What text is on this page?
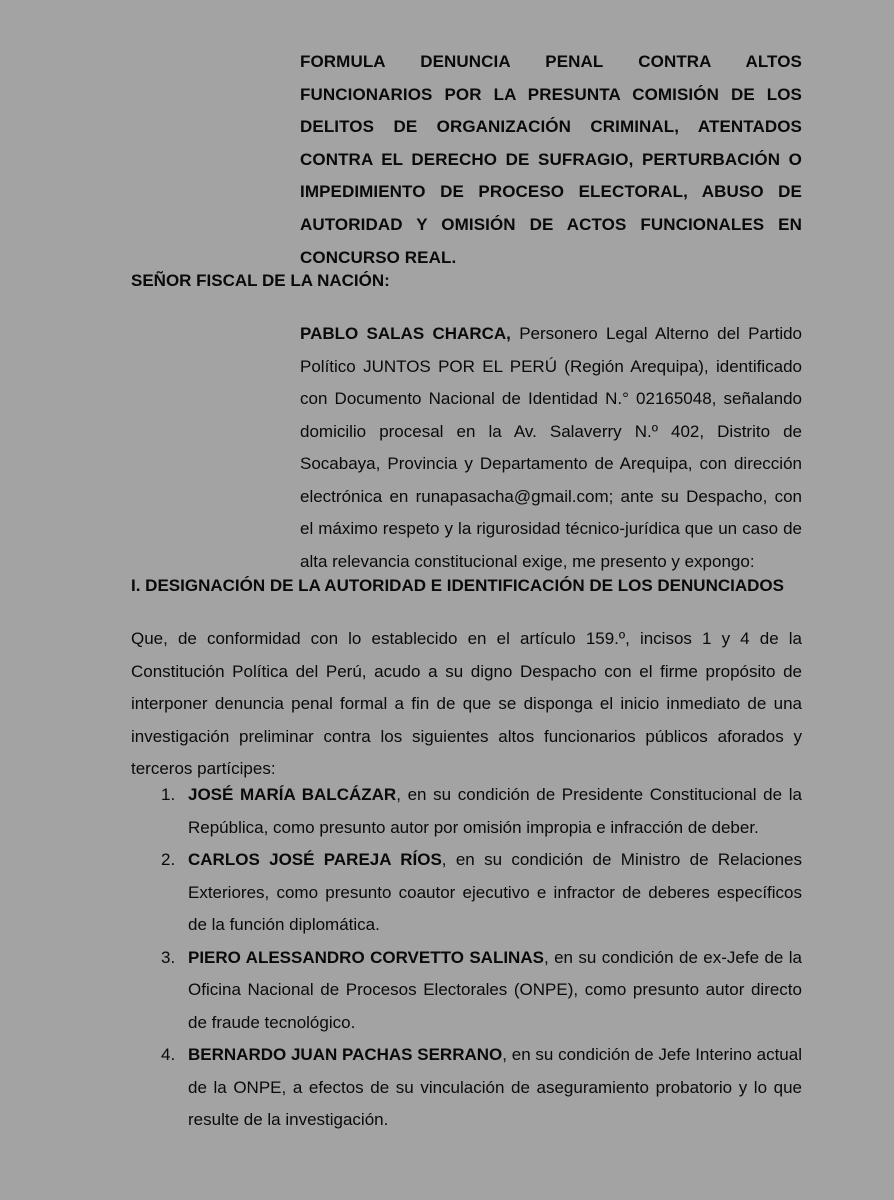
FORMULA DENUNCIA PENAL CONTRA ALTOS FUNCIONARIOS POR LA PRESUNTA COMISIÓN DE LOS DELITOS DE ORGANIZACIÓN CRIMINAL, ATENTADOS CONTRA EL DERECHO DE SUFRAGIO, PERTURBACIÓN O IMPEDIMIENTO DE PROCESO ELECTORAL, ABUSO DE AUTORIDAD Y OMISIÓN DE ACTOS FUNCIONALES EN CONCURSO REAL.
SEÑOR FISCAL DE LA NACIÓN:
PABLO SALAS CHARCA, Personero Legal Alterno del Partido Político JUNTOS POR EL PERÚ (Región Arequipa), identificado con Documento Nacional de Identidad N.° 02165048, señalando domicilio procesal en la Av. Salaverry N.º 402, Distrito de Socabaya, Provincia y Departamento de Arequipa, con dirección electrónica en runapasacha@gmail.com; ante su Despacho, con el máximo respeto y la rigurosidad técnico-jurídica que un caso de alta relevancia constitucional exige, me presento y expongo:
I. DESIGNACIÓN DE LA AUTORIDAD E IDENTIFICACIÓN DE LOS DENUNCIADOS
Que, de conformidad con lo establecido en el artículo 159.º, incisos 1 y 4 de la Constitución Política del Perú, acudo a su digno Despacho con el firme propósito de interponer denuncia penal formal a fin de que se disponga el inicio inmediato de una investigación preliminar contra los siguientes altos funcionarios públicos aforados y terceros partícipes:
1. JOSÉ MARÍA BALCÁZAR, en su condición de Presidente Constitucional de la República, como presunto autor por omisión impropia e infracción de deber.
2. CARLOS JOSÉ PAREJA RÍOS, en su condición de Ministro de Relaciones Exteriores, como presunto coautor ejecutivo e infractor de deberes específicos de la función diplomática.
3. PIERO ALESSANDRO CORVETTO SALINAS, en su condición de ex-Jefe de la Oficina Nacional de Procesos Electorales (ONPE), como presunto autor directo de fraude tecnológico.
4. BERNARDO JUAN PACHAS SERRANO, en su condición de Jefe Interino actual de la ONPE, a efectos de su vinculación de aseguramiento probatorio y lo que resulte de la investigación.
